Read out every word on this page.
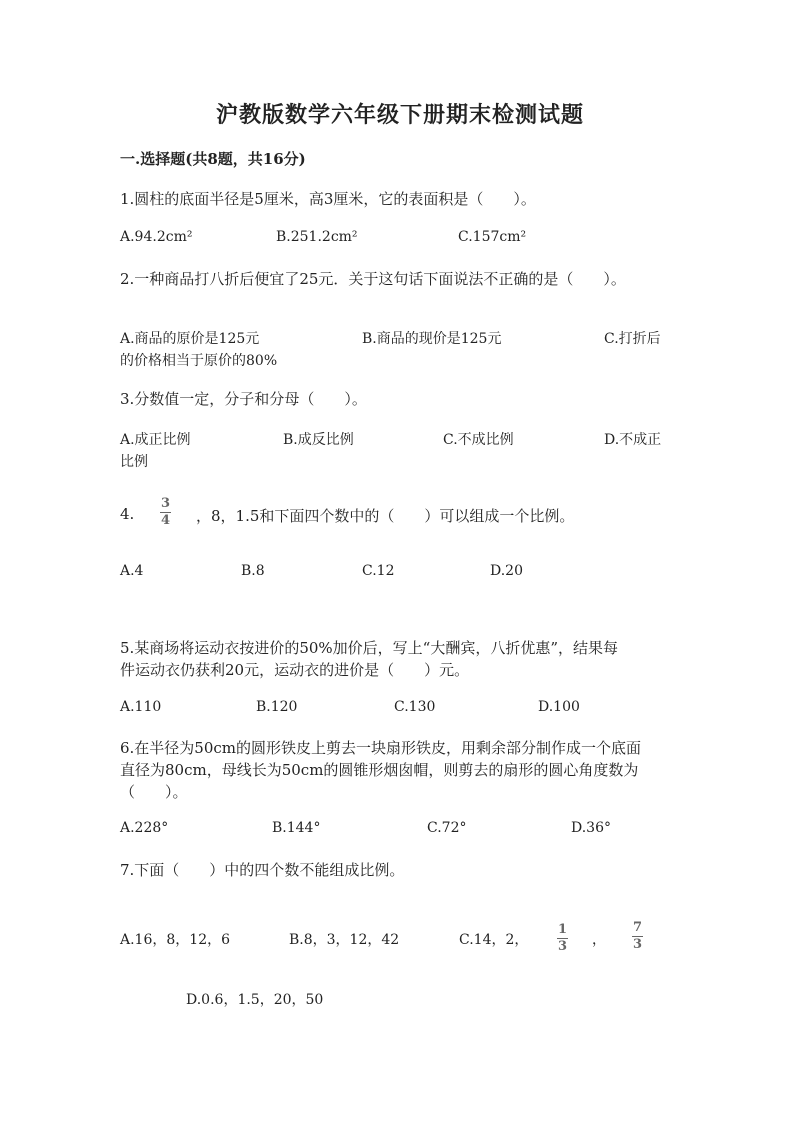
沪教版数学六年级下册期末检测试题
一.选择题(共8题，共16分)
1.圆柱的底面半径是5厘米，高3厘米，它的表面积是（　　）。
A.94.2cm²	B.251.2cm²	C.157cm²
2.一种商品打八折后便宜了25元．关于这句话下面说法不正确的是（　　）。
A.商品的原价是125元	B.商品的现价是125元	C.打折后
的价格相当于原价的80%
3.分数值一定，分子和分母（　　）。
A.成正比例	B.成反比例	C.不成比例	D.不成正
比例
4.
3
4 ，8，1.5和下面四个数中的（　　）可以组成一个比例。
A.4	B.8	C.12	D.20
5.某商场将运动衣按进价的50%加价后，写上“大酬宾，八折优惠”，结果每
件运动衣仍获利20元，运动衣的进价是（　　）元。
A.110	B.120	C.130	D.100
6.在半径为50cm的圆形铁皮上剪去一块扇形铁皮，用剩余部分制作成一个底面
直径为80cm，母线长为50cm的圆锥形烟囱帽，则剪去的扇形的圆心角度数为
（　　）。
A.228°	B.144°	C.72°	D.36°
7.下面（　　）中的四个数不能组成比例。
A.16，8，12，6	B.8，3，12，42	C.14，2，
1
3 ，
7
3
D.0.6，1.5，20，50
